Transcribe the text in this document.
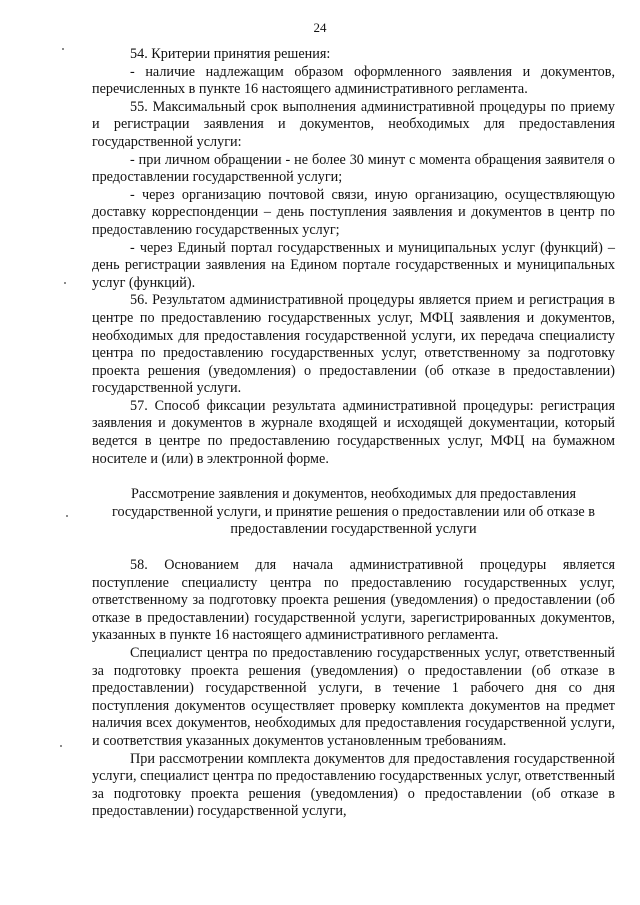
24

54. Критерии принятия решения:

- наличие надлежащим образом оформленного заявления и документов, перечисленных в пункте 16 настоящего административного регламента.

55. Максимальный срок выполнения административной процедуры по приему и регистрации заявления и документов, необходимых для предоставления государственной услуги:

- при личном обращении - не более 30 минут с момента обращения заявителя о предоставлении государственной услуги;

- через организацию почтовой связи, иную организацию, осуществляющую доставку корреспонденции – день поступления заявления и документов в центр по предоставлению государственных услуг;

- через Единый портал государственных и муниципальных услуг (функций) – день регистрации заявления на Едином портале государственных и муниципальных услуг (функций).

56. Результатом административной процедуры является прием и регистрация в центре по предоставлению государственных услуг, МФЦ заявления и документов, необходимых для предоставления государственной услуги, их передача специалисту центра по предоставлению государственных услуг, ответственному за подготовку проекта решения (уведомления) о предоставлении (об отказе в предоставлении) государственной услуги.

57. Способ фиксации результата административной процедуры: регистрация заявления и документов в журнале входящей и исходящей документации, который ведется в центре по предоставлению государственных услуг, МФЦ на бумажном носителе и (или) в электронной форме.

Рассмотрение заявления и документов, необходимых для предоставления государственной услуги, и принятие решения о предоставлении или об отказе в предоставлении государственной услуги

58. Основанием для начала административной процедуры является поступление специалисту центра по предоставлению государственных услуг, ответственному за подготовку проекта решения (уведомления) о предоставлении (об отказе в предоставлении) государственной услуги, зарегистрированных документов, указанных в пункте 16 настоящего административного регламента.

Специалист центра по предоставлению государственных услуг, ответственный за подготовку проекта решения (уведомления) о предоставлении (об отказе в предоставлении) государственной услуги, в течение 1 рабочего дня со дня поступления документов осуществляет проверку комплекта документов на предмет наличия всех документов, необходимых для предоставления государственной услуги, и соответствия указанных документов установленным требованиям.

При рассмотрении комплекта документов для предоставления государственной услуги, специалист центра по предоставлению государственных услуг, ответственный за подготовку проекта решения (уведомления) о предоставлении (об отказе в предоставлении) государственной услуги,
